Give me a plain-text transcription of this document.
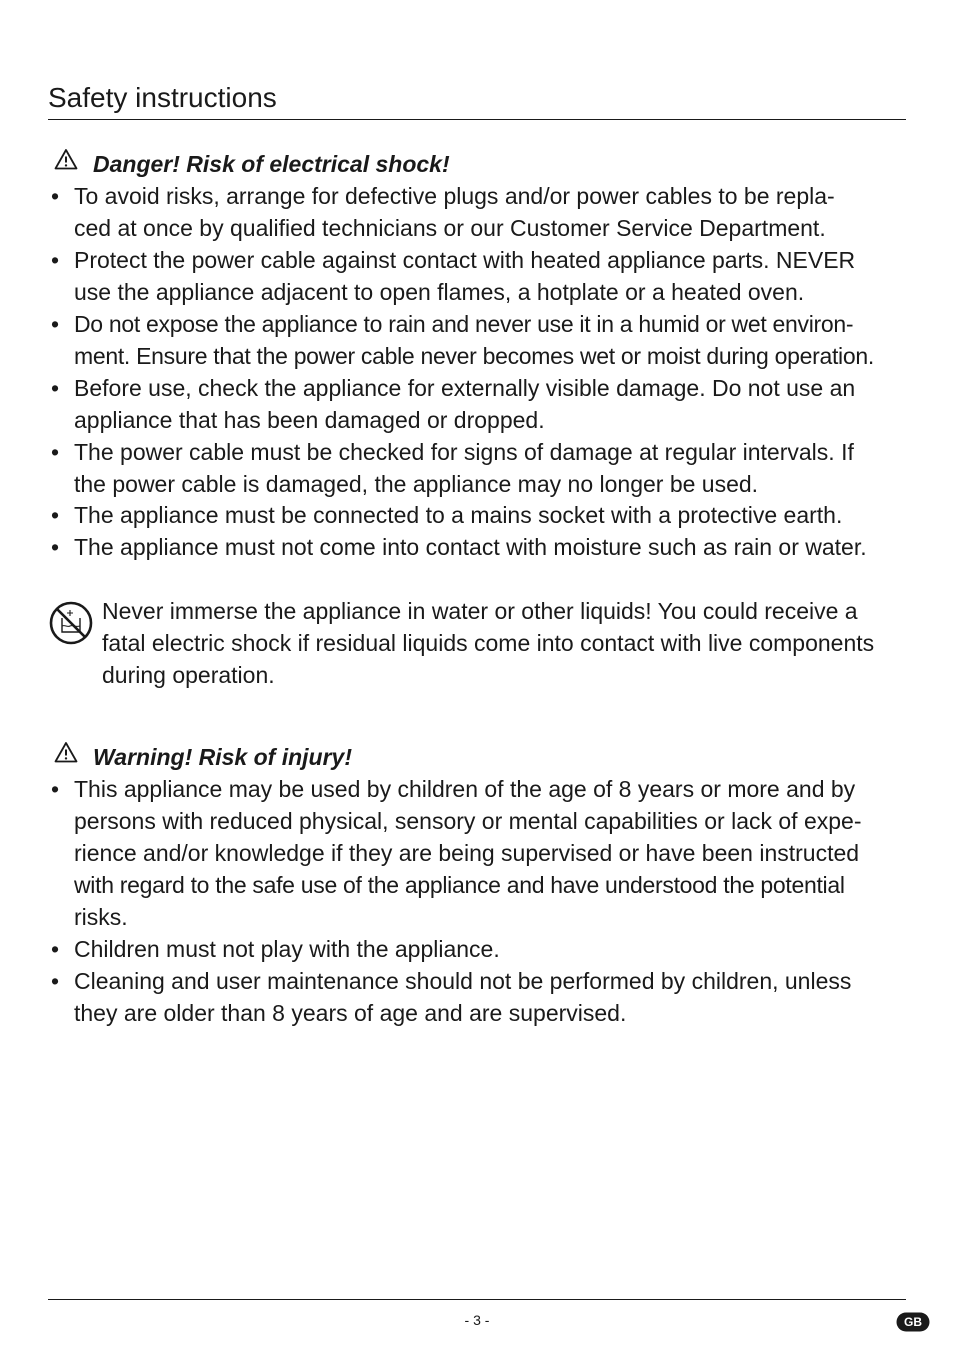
Safety instructions
Danger! Risk of electrical shock!
• To avoid risks, arrange for defective plugs and/or power cables to be repla-
ced at once by qualified technicians or our Customer Service Department.
• Protect the power cable against contact with heated appliance parts. NEVER
use the appliance adjacent to open flames, a hotplate or a heated oven.
• Do not expose the appliance to rain and never use it in a humid or wet environ-
ment. Ensure that the power cable never becomes wet or moist during operation.
• Before use, check the appliance for externally visible damage. Do not use an
appliance that has been damaged or dropped.
• The power cable must be checked for signs of damage at regular intervals. If
the power cable is damaged, the appliance may no longer be used.
• The appliance must be connected to a mains socket with a protective earth.
• The appliance must not come into contact with moisture such as rain or water.
Never immerse the appliance in water or other liquids! You could receive a
fatal electric shock if residual liquids come into contact with live components
during operation.
Warning! Risk of injury!
• This appliance may be used by children of the age of 8 years or more and by
persons with reduced physical, sensory or mental capabilities or lack of expe-
rience and/or knowledge if they are being supervised or have been instructed
with regard to the safe use of the appliance and have understood the potential
risks.
• Children must not play with the appliance.
• Cleaning and user maintenance should not be performed by children, unless
they are older than 8 years of age and are supervised.
- 3 -	GB
